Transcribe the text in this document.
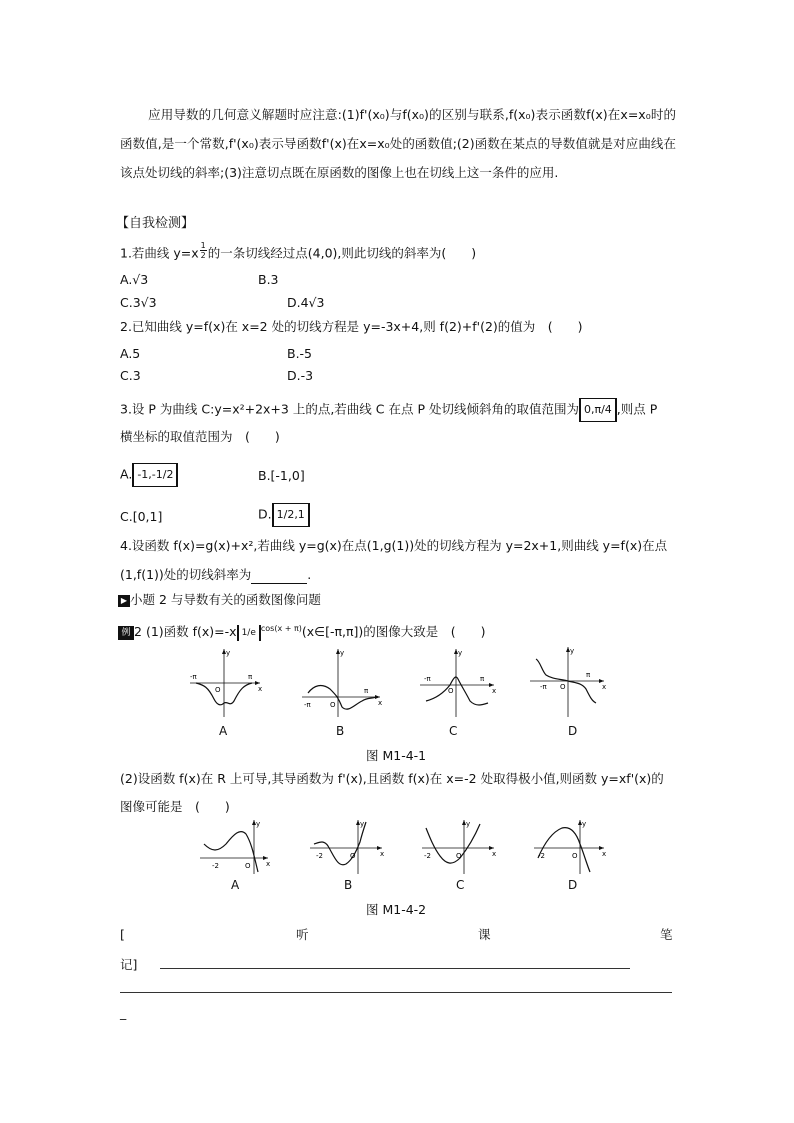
应用导数的几何意义解题时应注意:(1)f'(x₀)与f(x₀)的区别与联系,f(x₀)表示函数f(x)在x=x₀时的函数值,是一个常数,f'(x₀)表示导函数f'(x)在x=x₀处的函数值;(2)函数在某点的导数值就是对应曲线在该点处切线的斜率;(3)注意切点既在原函数的图像上也在切线上这一条件的应用.
【自我检测】
1.若曲线 y=x $^{\frac{1}{2}}$ 的一条切线经过点(4,0),则此切线的斜率为(　　)
A.√3	B.3
C.3√3	D.4√3
2.已知曲线 y=f(x)在 x=2 处的切线方程是 y=-3x+4,则 f(2)+f'(2)的值为　(　　)
A.5	B.-5
C.3	D.-3
3.设 P 为曲线 C:y=x²+2x+3 上的点,若曲线 C 在点 P 处切线倾斜角的取值范围为 0,π/4 ,则点 P
横坐标的取值范围为　(　　)
A. -1,-1/2	B.[-1,0]
C.[0,1]	D. 1/2,1
4.设函数 f(x)=g(x)+x²,若曲线 y=g(x)在点(1,g(1))处的切线方程为 y=2x+1,则曲线 y=f(x)在点
(1,f(1))处的切线斜率为	.
▶ 小题 2 与导数有关的函数图像问题
例 2 (1)函数 f(x)=-x 1/e $^{cos(x + \pi)}$(x∈[-π,π])的图像大致是　(　　)
y
x
-π	π
O
y
x
-π
π
O
y
x
-π	π
O
y
x
-π
π
O
A	B	C	D
图 M1-4-1
(2)设函数 f(x)在 R 上可导,其导函数为 f'(x),且函数 f(x)在 x=-2 处取得极小值,则函数 y=xf'(x)的
图像可能是　(　　)
y
x
-2	O
y
x
-2	O
y
x
-2	O
y
x
-2	O
A	B	C	D
图 M1-4-2
[	听	课	笔
记]
_
